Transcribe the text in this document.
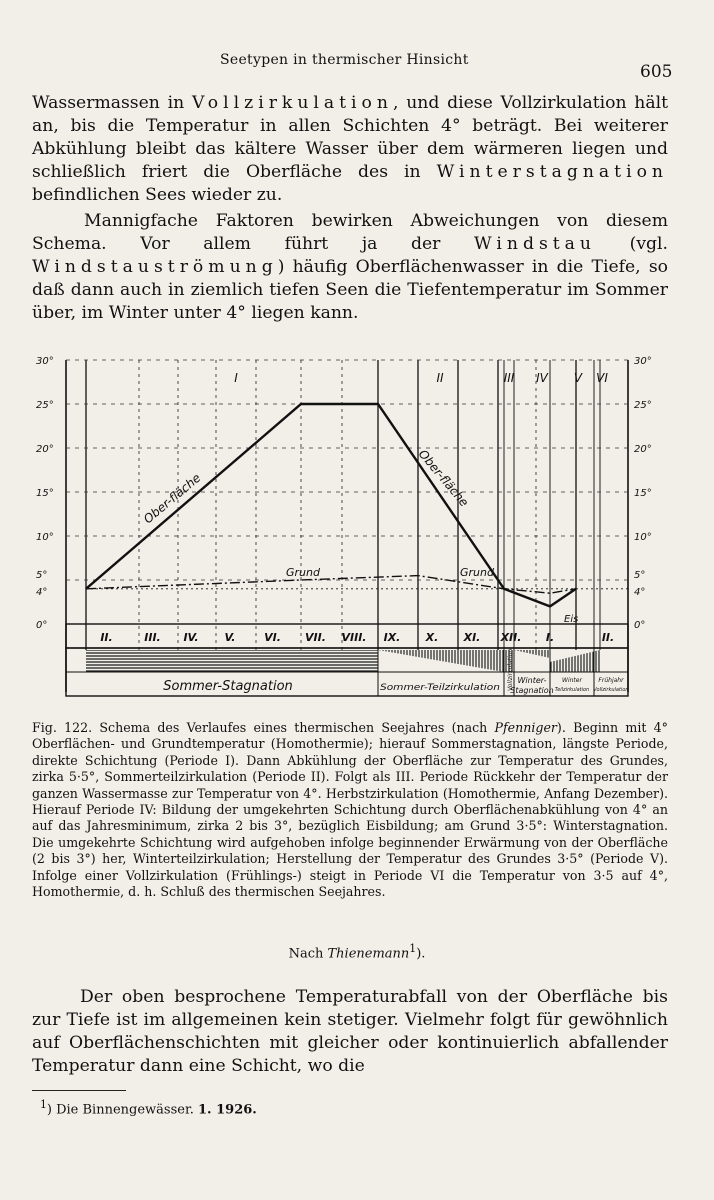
Seetypen in thermischer Hinsicht
605

Wassermassen in Vollzirkulation, und diese Vollzirkulation hält an, bis die Temperatur in allen Schichten 4° beträgt. Bei weiterer Abkühlung bleibt das kältere Wasser über dem wärmeren liegen und schließlich friert die Oberfläche des in Winterstagnation befindlichen Sees wieder zu.

Mannigfache Faktoren bewirken Abweichungen von diesem Schema. Vor allem führt ja der Windstau (vgl. Windstauströmung) häufig Oberflächenwasser in die Tiefe, so daß dann auch in ziemlich tiefen Seen die Tiefentemperatur im Sommer über, im Winter unter 4° liegen kann.

30°	30°
25°	25°
20°	20°
15°	15°
10°	10°
5°	5°
4°	4°
0°	0°
II.	III. IV. V.	VI. VII. VIII. IX. X. XI. XII. I.	II.
Sommer-Stagnation	Sommer-Teilzirkulation Vollzirkulation Winter-
Stagnation
Winter
Teilzirkulation
Frühjahr
Vollzirkulation
I	II	III IV V VI
Ober-fläche	Ober-fläche
Grund	Grund
Eis

Fig. 122. Schema des Verlaufes eines thermischen Seejahres (nach Pfenniger). Beginn mit 4° Oberflächen- und Grundtemperatur (Homothermie); hierauf Sommerstagnation, längste Periode, direkte Schichtung (Periode I). Dann Abkühlung der Oberfläche zur Temperatur des Grundes, zirka 5·5°, Sommerteilzirkulation (Periode II). Folgt als III. Periode Rückkehr der Temperatur der ganzen Wassermasse zur Temperatur von 4°. Herbstzirkulation (Homothermie, Anfang Dezember). Hierauf Periode IV: Bildung der umgekehrten Schichtung durch Oberflächenabkühlung von 4° an auf das Jahresminimum, zirka 2 bis 3°, bezüglich Eisbildung; am Grund 3·5°: Winterstagnation. Die umgekehrte Schichtung wird aufgehoben infolge beginnender Erwärmung von der Oberfläche (2 bis 3°) her, Winterteilzirkulation; Herstellung der Temperatur des Grundes 3·5° (Periode V). Infolge einer Vollzirkulation (Frühlings-) steigt in Periode VI die Temperatur von 3·5 auf 4°, Homothermie, d. h. Schluß des thermischen Seejahres.

Nach Thienemann$^1$).

Der oben besprochene Temperaturabfall von der Oberfläche bis zur Tiefe ist im allgemeinen kein stetiger. Vielmehr folgt für gewöhnlich auf Oberflächenschichten mit gleicher oder kontinuierlich abfallender Temperatur dann eine Schicht, wo die

$^1$) Die Binnengewässer. 1. 1926.
